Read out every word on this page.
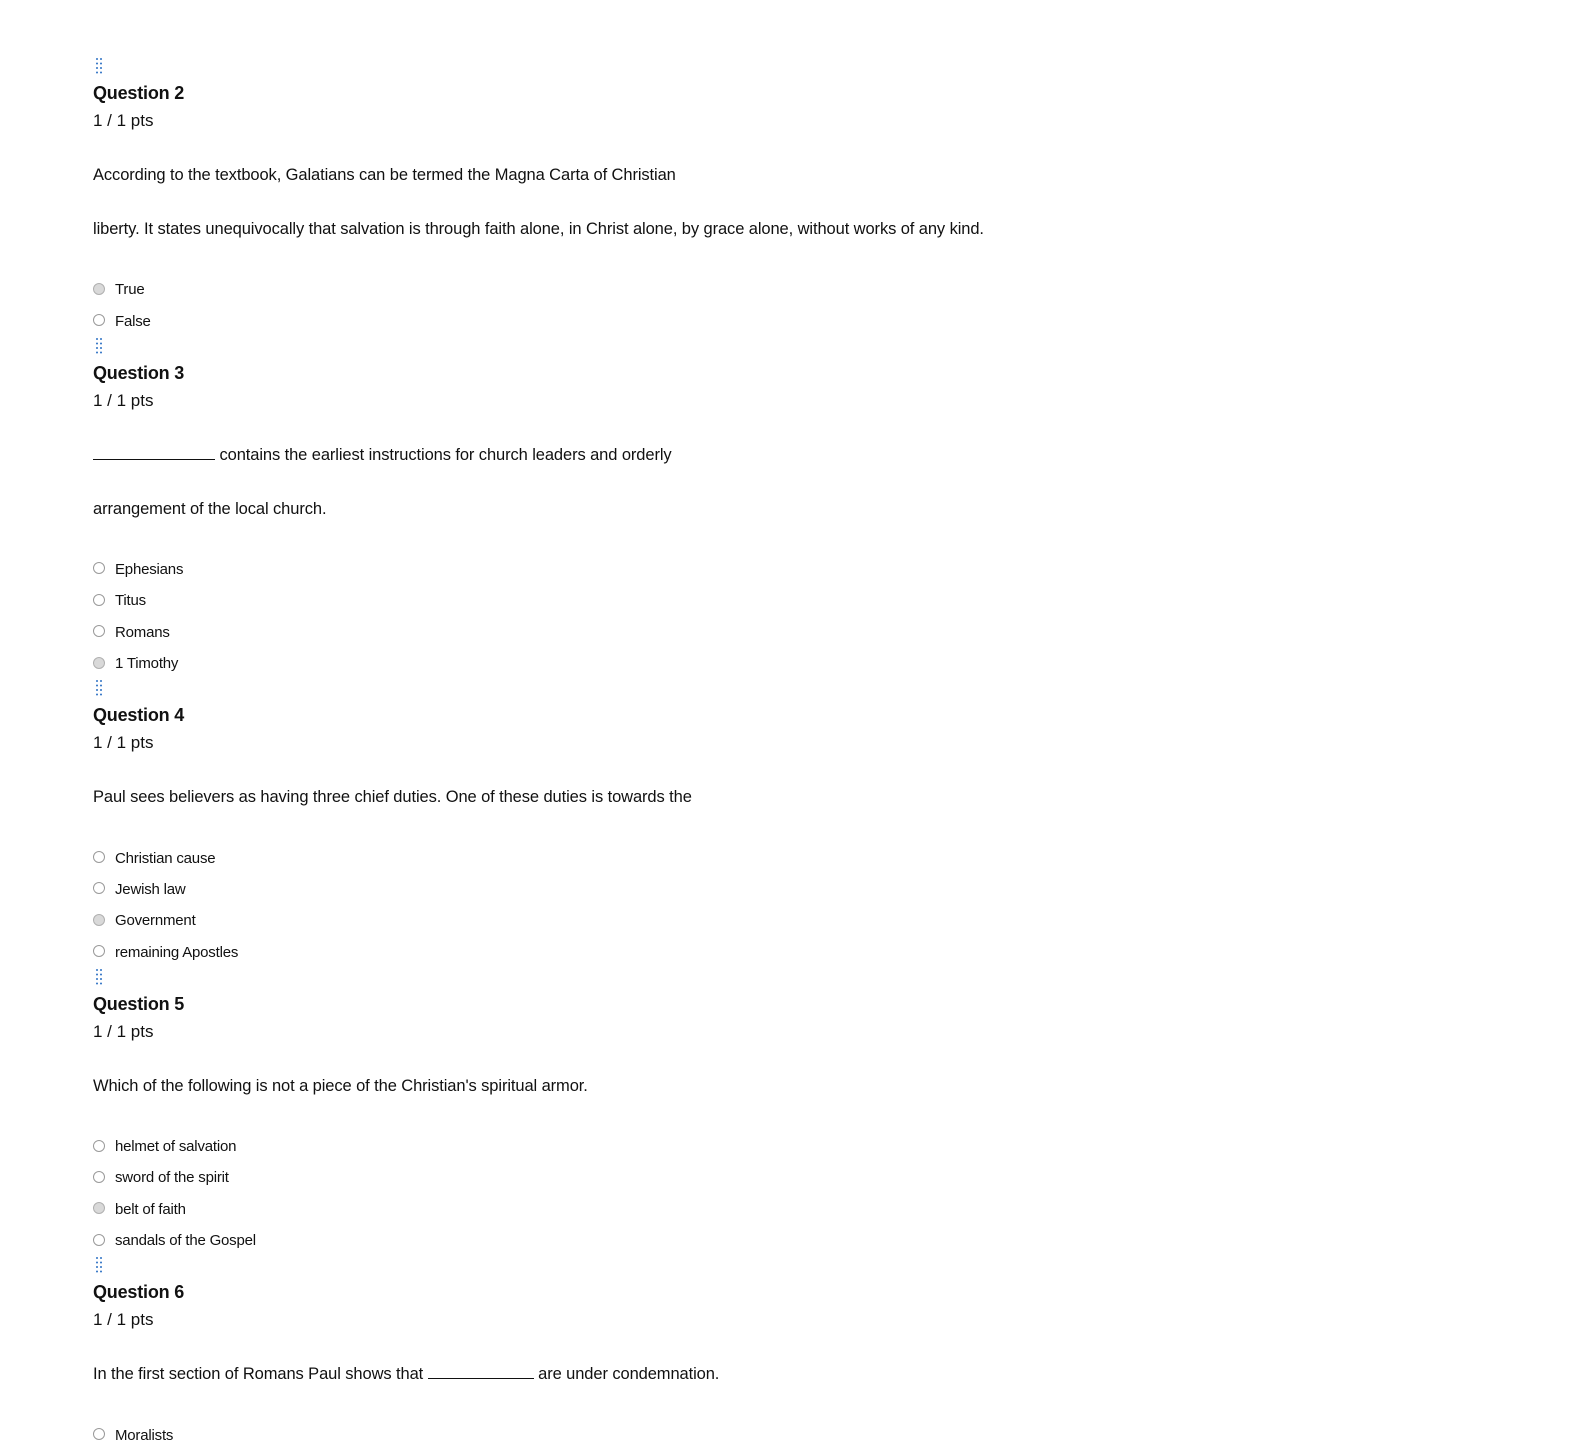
Question 2
1 / 1 pts

According to the textbook, Galatians can be termed the Magna Carta of Christian

liberty. It states unequivocally that salvation is through faith alone, in Christ alone, by grace alone, without works of any kind.

True
False
Question 3
1 / 1 pts

contains the earliest instructions for church leaders and orderly

arrangement of the local church.

Ephesians
Titus
Romans
1 Timothy
Question 4
1 / 1 pts

Paul sees believers as having three chief duties. One of these duties is towards the

Christian cause
Jewish law
Government
remaining Apostles
Question 5
1 / 1 pts

Which of the following is not a piece of the Christian's spiritual armor.

helmet of salvation
sword of the spirit
belt of faith
sandals of the Gospel
Question 6
1 / 1 pts

In the first section of Romans Paul shows that	are under condemnation.

Moralists
